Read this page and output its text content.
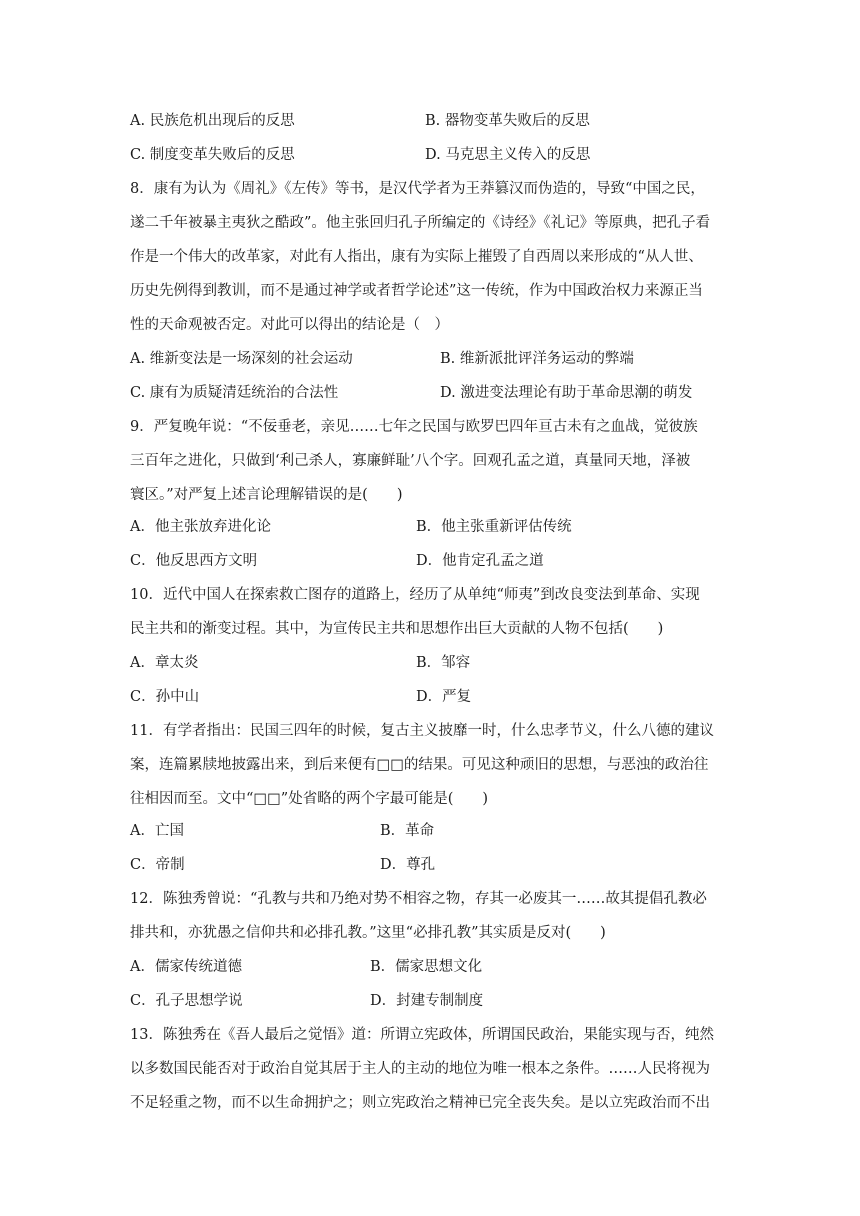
A. 民族危机出现后的反思	B. 器物变革失败后的反思
C. 制度变革失败后的反思	D. 马克思主义传入的反思
8．康有为认为《周礼》《左传》等书，是汉代学者为王莽篡汉而伪造的，导致“中国之民，
遂二千年被暴主夷狄之酷政”。他主张回归孔子所编定的《诗经》《礼记》等原典，把孔子看
作是一个伟大的改革家，对此有人指出，康有为实际上摧毁了自西周以来形成的“从人世、
历史先例得到教训，而不是通过神学或者哲学论述”这一传统，作为中国政治权力来源正当
性的天命观被否定。对此可以得出的结论是（　）
A. 维新变法是一场深刻的社会运动	B. 维新派批评洋务运动的弊端
C. 康有为质疑清廷统治的合法性	D. 激进变法理论有助于革命思潮的萌发
9．严复晚年说：“不佞垂老，亲见……七年之民国与欧罗巴四年亘古未有之血战，觉彼族
三百年之进化，只做到‘利己杀人，寡廉鲜耻’八个字。回观孔孟之道，真量同天地，泽被
寰区。”对严复上述言论理解错误的是(　　)
A．他主张放弃进化论	B．他主张重新评估传统
C．他反思西方文明	D．他肯定孔孟之道
10．近代中国人在探索救亡图存的道路上，经历了从单纯“师夷”到改良变法到革命、实现
民主共和的渐变过程。其中，为宣传民主共和思想作出巨大贡献的人物不包括(　　)
A．章太炎	B．邹容
C．孙中山	D．严复
11．有学者指出：民国三四年的时候，复古主义披靡一时，什么忠孝节义，什么八德的建议
案，连篇累牍地披露出来，到后来便有□□的结果。可见这种顽旧的思想，与恶浊的政治往
往相因而至。文中“□□”处省略的两个字最可能是(　　)
A．亡国	B．革命
C．帝制	D．尊孔
12．陈独秀曾说：“孔教与共和乃绝对势不相容之物，存其一必废其一……故其提倡孔教必
排共和，亦犹愚之信仰共和必排孔教。”这里“必排孔教”其实质是反对(　　)
A．儒家传统道德	B．儒家思想文化
C．孔子思想学说	D．封建专制制度
13．陈独秀在《吾人最后之觉悟》道：所谓立宪政体，所谓国民政治，果能实现与否，纯然
以多数国民能否对于政治自觉其居于主人的主动的地位为唯一根本之条件。……人民将视为
不足轻重之物，而不以生命拥护之；则立宪政治之精神已完全丧失矣。是以立宪政治而不出
